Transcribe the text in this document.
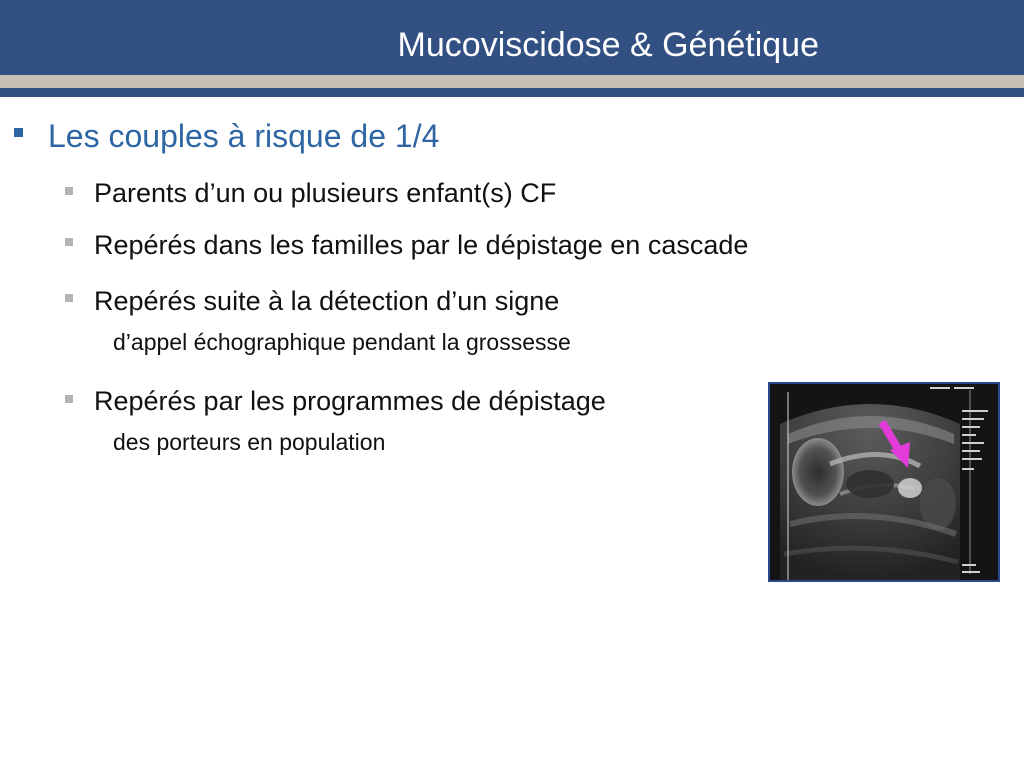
Mucoviscidose & Génétique
Les couples à risque de 1/4
Parents d’un ou plusieurs enfant(s) CF
Repérés dans les familles par le dépistage en cascade
Repérés suite à la détection d’un signe
d’appel échographique pendant la grossesse
Repérés par les programmes de dépistage
des porteurs en population
